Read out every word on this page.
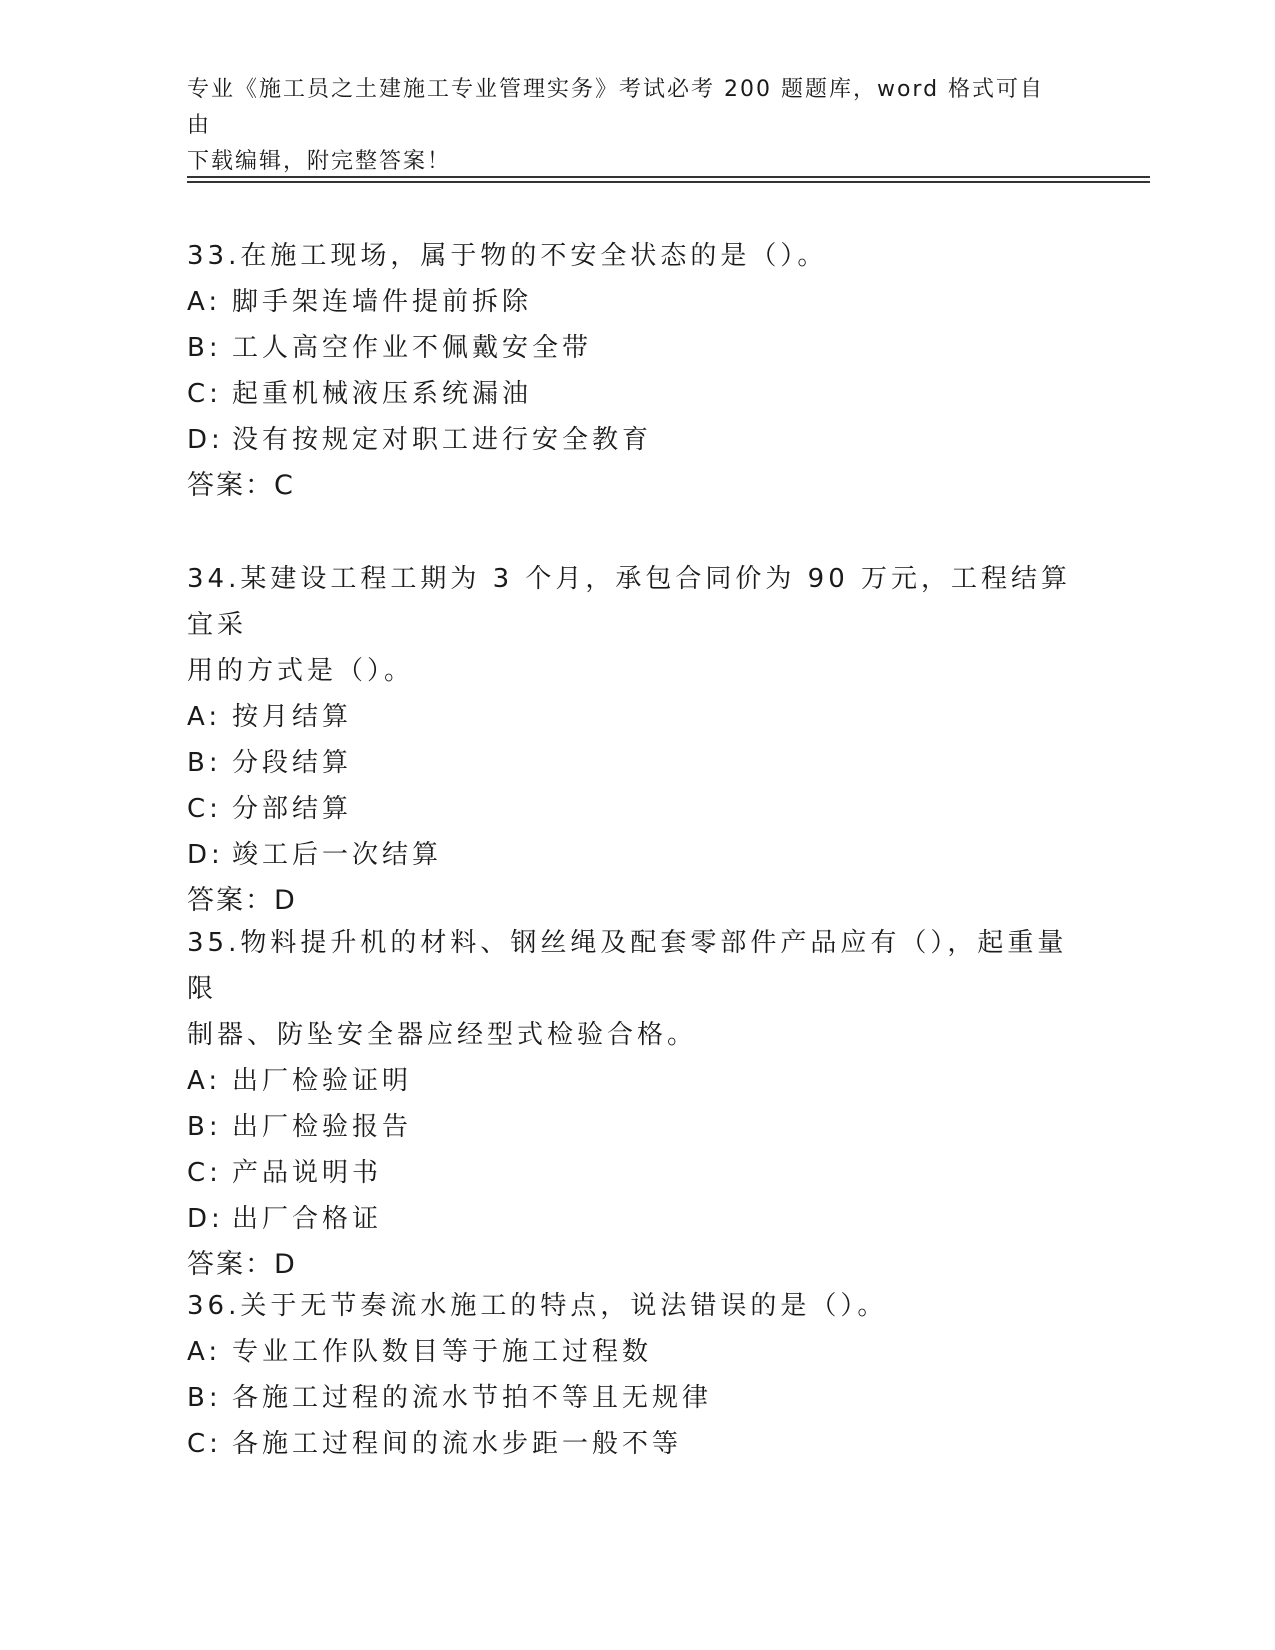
专业《施工员之土建施工专业管理实务》考试必考 200 题题库，word 格式可自由
下载编辑，附完整答案！
33.在施工现场，属于物的不安全状态的是（）。
A: 脚手架连墙件提前拆除
B: 工人高空作业不佩戴安全带
C: 起重机械液压系统漏油
D: 没有按规定对职工进行安全教育
答案：C
34.某建设工程工期为 3 个月，承包合同价为 90 万元，工程结算宜采
用的方式是（）。
A: 按月结算
B: 分段结算
C: 分部结算
D: 竣工后一次结算
答案：D
35.物料提升机的材料、钢丝绳及配套零部件产品应有（），起重量限
制器、防坠安全器应经型式检验合格。
A: 出厂检验证明
B: 出厂检验报告
C: 产品说明书
D: 出厂合格证
答案：D
36.关于无节奏流水施工的特点，说法错误的是（）。
A: 专业工作队数目等于施工过程数
B: 各施工过程的流水节拍不等且无规律
C: 各施工过程间的流水步距一般不等
